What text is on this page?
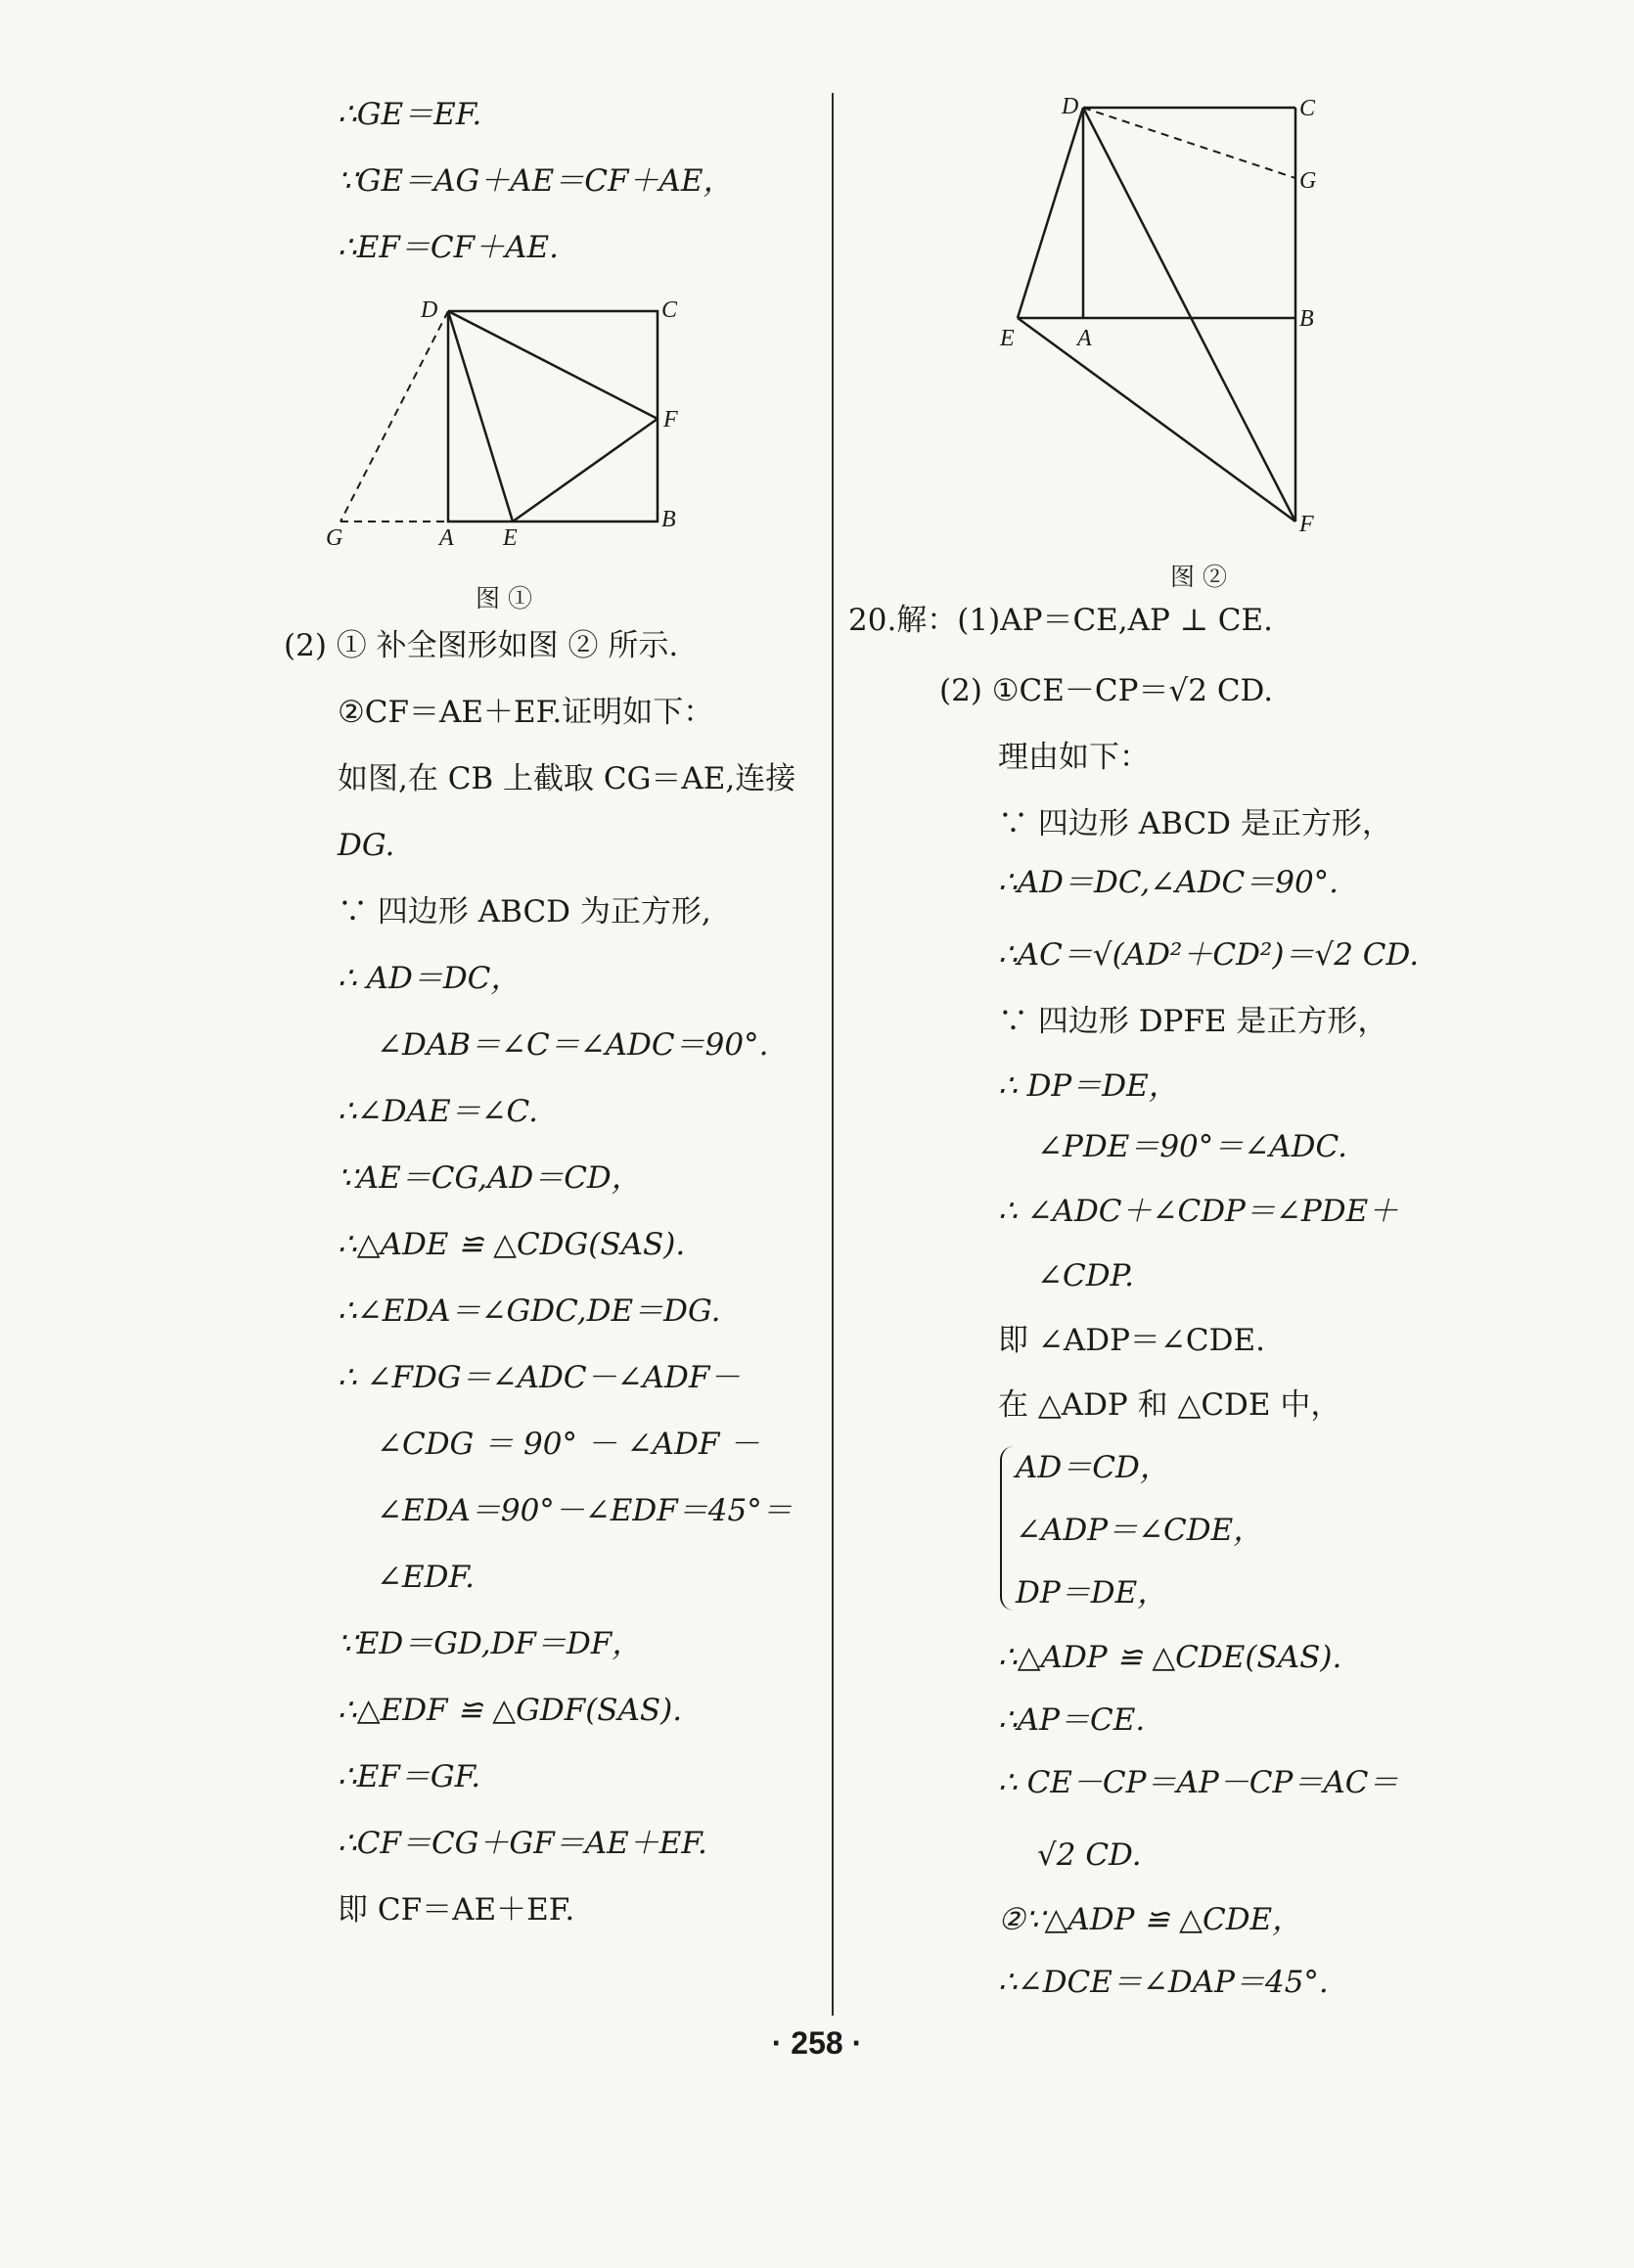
∴GE＝EF.
∵GE＝AG＋AE＝CF＋AE，
∴EF＝CF＋AE.
D	C
F
B
G	A E
图 ①
(2) ① 补全图形如图 ② 所示.
②CF＝AE＋EF.证明如下：
如图,在 CB 上截取 CG＝AE,连接
DG.
∵ 四边形 ABCD 为正方形,
∴ AD＝DC，
∠DAB＝∠C＝∠ADC＝90°.
∴∠DAE＝∠C.
∵AE＝CG,AD＝CD，
∴△ADE ≌ △CDG(SAS).
∴∠EDA＝∠GDC,DE＝DG.
∴ ∠FDG＝∠ADC－∠ADF－
∠CDG ＝ 90° － ∠ADF －
∠EDA＝90°－∠EDF＝45°＝
∠EDF.
∵ED＝GD,DF＝DF，
∴△EDF ≌ △GDF(SAS).
∴EF＝GF.
∴CF＝CG＋GF＝AE＋EF.
即 CF＝AE＋EF.
D	C
G
B
E	A
F
图 ②
20.解：(1)AP＝CE,AP ⊥ CE.
(2) ①CE－CP＝√2 CD.
理由如下：
∵ 四边形 ABCD 是正方形，
∴AD＝DC,∠ADC＝90°.
∴AC＝√(AD²＋CD²)＝√2 CD.
∵ 四边形 DPFE 是正方形，
∴ DP＝DE，
∠PDE＝90°＝∠ADC.
∴ ∠ADC＋∠CDP＝∠PDE＋
∠CDP.
即 ∠ADP＝∠CDE.
在 △ADP 和 △CDE 中，
AD＝CD，
∠ADP＝∠CDE，
DP＝DE，
∴△ADP ≌ △CDE(SAS).
∴AP＝CE.
∴ CE－CP＝AP－CP＝AC＝
√2 CD.
②∵△ADP ≌ △CDE，
∴∠DCE＝∠DAP＝45°.
· 258 ·
